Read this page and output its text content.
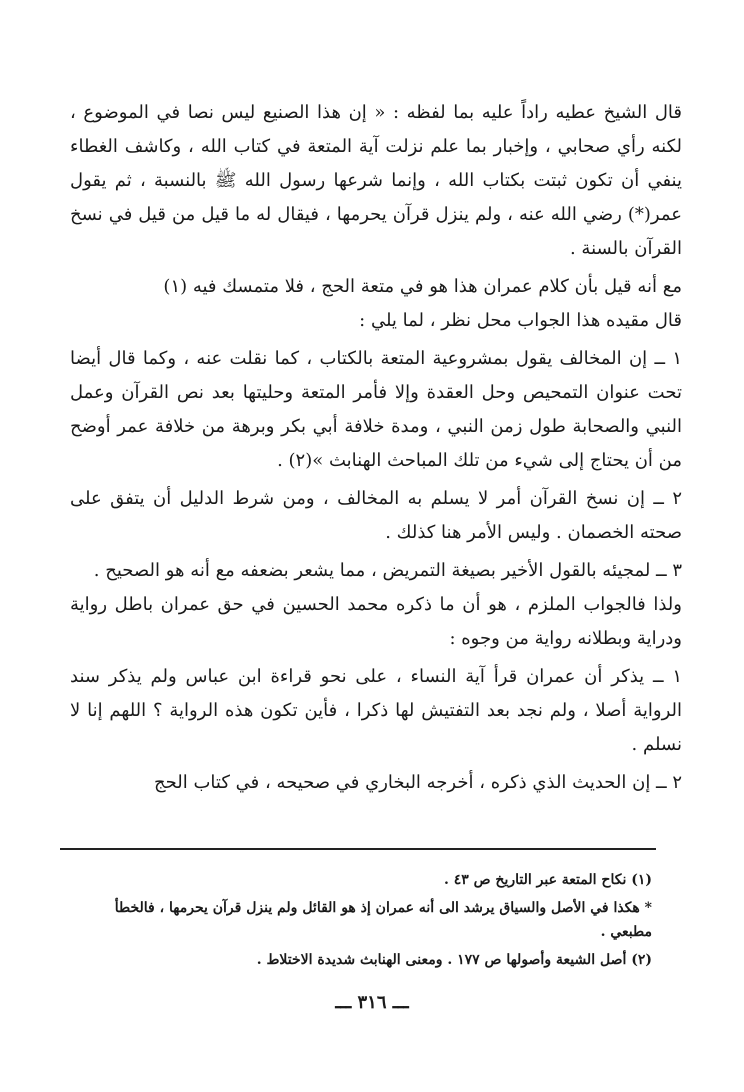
قال الشيخ عطيه راداً عليه بما لفظه : « إن هذا الصنيع ليس نصا في الموضوع ، لكنه رأي صحابي ، وإخبار بما علم نزلت آية المتعة في كتاب الله ، وكاشف الغطاء ينفي أن تكون ثبتت بكتاب الله ، وإنما شرعها رسول الله ﷺ بالنسبة ، ثم يقول عمر(*) رضي الله عنه ، ولم ينزل قرآن يحرمها ، فيقال له ما قيل من قيل في نسخ القرآن بالسنة .

مع أنه قيل بأن كلام عمران هذا هو في متعة الحج ، فلا متمسك فيه (١)

قال مقيده هذا الجواب محل نظر ، لما يلي :

١ ــ إن المخالف يقول بمشروعية المتعة بالكتاب ، كما نقلت عنه ، وكما قال أيضا تحت عنوان التمحيص وحل العقدة وإلا فأمر المتعة وحليتها بعد نص القرآن وعمل النبي والصحابة طول زمن النبي ، ومدة خلافة أبي بكر وبرهة من خلافة عمر أوضح من أن يحتاج إلى شيء من تلك المباحث الهنابث »(٢) .

٢ ــ إن نسخ القرآن أمر لا يسلم به المخالف ، ومن شرط الدليل أن يتفق على صحته الخصمان . وليس الأمر هنا كذلك .

٣ ــ لمجيئه بالقول الأخير بصيغة التمريض ، مما يشعر بضعفه مع أنه هو الصحيح .

ولذا فالجواب الملزم ، هو أن ما ذكره محمد الحسين في حق عمران باطل رواية ودراية وبطلانه رواية من وجوه :

١ ــ يذكر أن عمران قرأ آية النساء ، على نحو قراءة ابن عباس ولم يذكر سند الرواية أصلا ، ولم نجد بعد التفتيش لها ذكرا ، فأين تكون هذه الرواية ؟ اللهم إنا لا نسلم .

٢ ــ إن الحديث الذي ذكره ، أخرجه البخاري في صحيحه ، في كتاب الحج

(١) نكاح المتعة عبر التاريخ ص ٤٣ .

* هكذا في الأصل والسياق يرشد الى أنه عمران إذ هو القائل ولم ينزل قرآن يحرمها ، فالخطأ مطبعي .

(٢) أصل الشيعة وأصولها ص ١٧٧ . ومعنى الهنابث شديدة الاختلاط .

ـــ ٣١٦ ـــ
